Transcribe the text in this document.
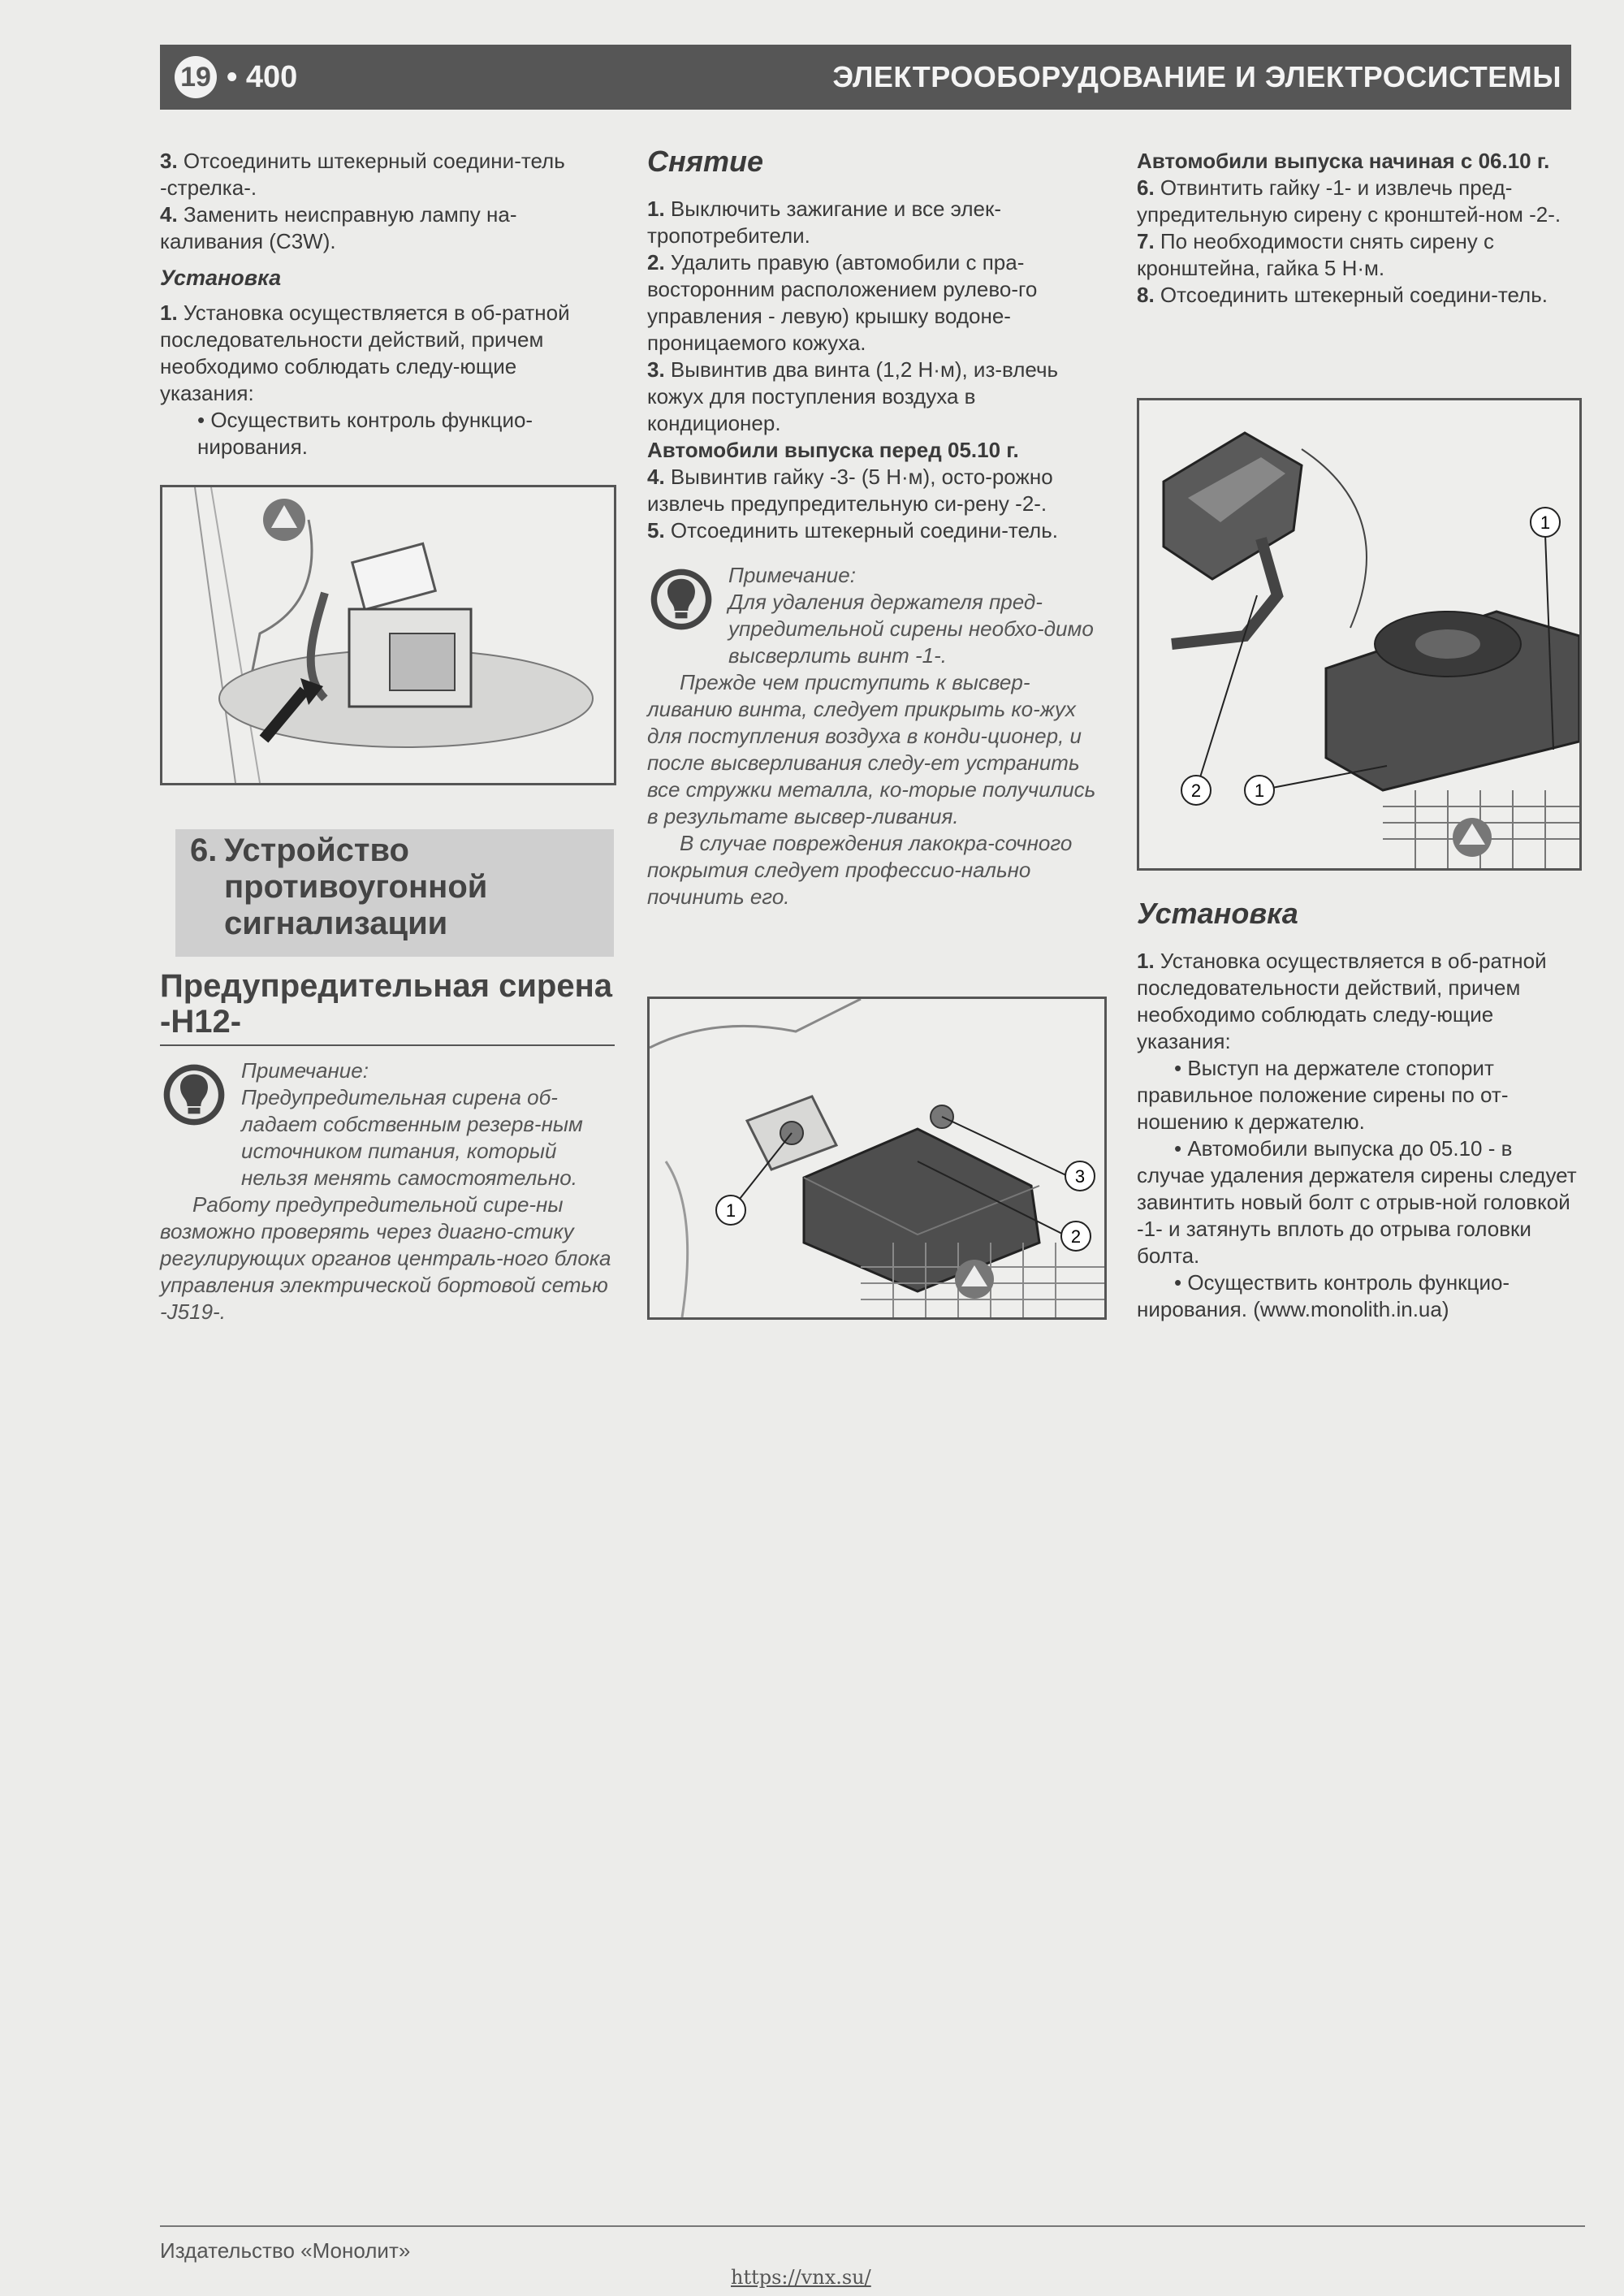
19 • 400	ЭЛЕКТРООБОРУДОВАНИЕ И ЭЛЕКТРОСИСТЕМЫ

3. Отсоединить штекерный соедини-тель -стрелка-.

4. Заменить неисправную лампу на-каливания (C3W).

Установка

1. Установка осуществляется в об-ратной последовательности действий, причем необходимо соблюдать следу-ющие указания:

• Осуществить контроль функцио-нирования.

6. Устройство противоугонной сигнализации
Предупредительная сирена -H12-

Примечание:

Предупредительная сирена об-ладает собственным резерв-ным источником питания, который нельзя менять самостоятельно.

Работу предупредительной сире-ны возможно проверять через диагно-стику регулирующих органов централь-ного блока управления электрической бортовой сетью -J519-.

Снятие

1. Выключить зажигание и все элек-тропотребители.

2. Удалить правую (автомобили с пра-восторонним расположением рулево-го управления - левую) крышку водоне-проницаемого кожуха.

3. Вывинтив два винта (1,2 Н·м), из-влечь кожух для поступления воздуха в кондиционер.

Автомобили выпуска перед 05.10 г.

4. Вывинтив гайку -3- (5 Н·м), осто-рожно извлечь предупредительную си-рену -2-.

5. Отсоединить штекерный соедини-тель.

Примечание:

Для удаления держателя пред-упредительной сирены необхо-димо высверлить винт -1-.

Прежде чем приступить к высвер-ливанию винта, следует прикрыть ко-жух для поступления воздуха в конди-ционер, и после высверливания следу-ет устранить все стружки металла, ко-торые получились в результате высвер-ливания.

В случае повреждения лакокра-сочного покрытия следует профессио-нально починить его.

1
2
3

Автомобили выпуска начиная с 06.10 г.

6. Отвинтить гайку -1- и извлечь пред-упредительную сирену с кронштей-ном -2-.

7. По необходимости снять сирену с кронштейна, гайка 5 Н·м.

8. Отсоединить штекерный соедини-тель.

1
2	1
Установка

1. Установка осуществляется в об-ратной последовательности действий, причем необходимо соблюдать следу-ющие указания:

• Выступ на держателе стопорит правильное положение сирены по от-ношению к держателю.

• Автомобили выпуска до 05.10 - в случае удаления держателя сирены следует завинтить новый болт с отрыв-ной головкой -1- и затянуть вплоть до отрыва головки болта.

• Осуществить контроль функцио-нирования. (www.monolith.in.ua)

Издательство «Монолит»
https://vnx.su/
